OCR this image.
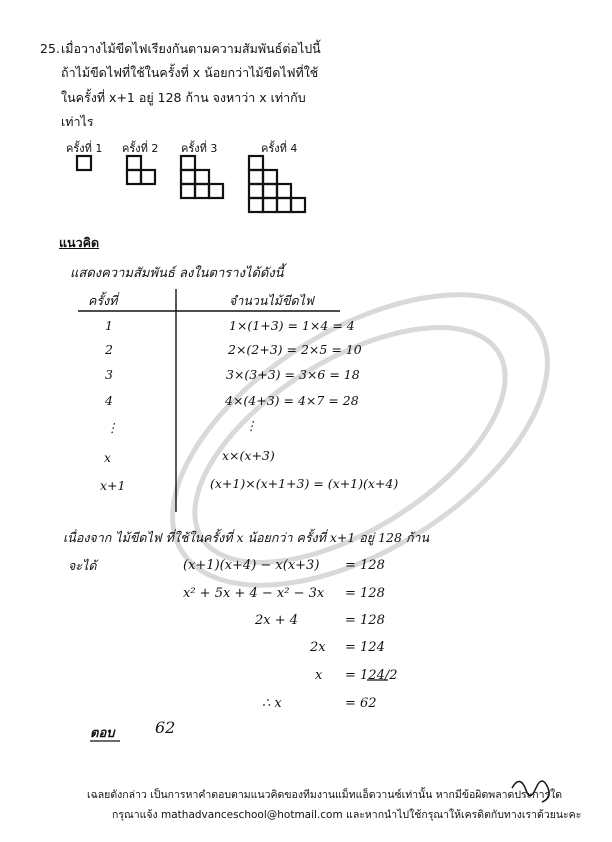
25. เมื่อวางไม้ขีดไฟเรียงกันตามความสัมพันธ์ต่อไปนี้
ถ้าไม้ขีดไฟที่ใช้ในครั้งที่ x น้อยกว่าไม้ขีดไฟที่ใช้
ในครั้งที่ x+1 อยู่ 128 ก้าน จงหาว่า x เท่ากับ
เท่าไร
ครั้งที่ 1 ครั้งที่ 2 ครั้งที่ 3	ครั้งที่ 4
แนวคิด
แสดงความสัมพันธ์ ลงในตารางได้ดังนี้
ครั้งที่	จำนวนไม้ขีดไฟ
1	1×(1+3) = 1×4 = 4
2	2×(2+3) = 2×5 = 10
3	3×(3+3) = 3×6 = 18
4	4×(4+3) = 4×7 = 28
⋮	⋮
x	x×(x+3)
x+1	(x+1)×(x+1+3) = (x+1)(x+4)
เนื่องจาก ไม้ขีดไฟ ที่ใช้ในครั้งที่ x น้อยกว่า ครั้งที่ x+1 อยู่ 128 ก้าน
จะได้	(x+1)(x+4) − x(x+3) = 128
x² + 5x + 4 − x² − 3x = 128
2x + 4	= 128
2x = 124
x = 124/2
∴ x	= 62
ตอบ	62
เฉลยดังกล่าว เป็นการหาคำตอบตามแนวคิดของทีมงานแม็ทแอ็ดวานซ์เท่านั้น หากมีข้อผิดพลาดประการใด
กรุณาแจ้ง mathadvanceschool@hotmail.com และหากนำไปใช้กรุณาให้เครดิตกับทางเราด้วยนะคะ
